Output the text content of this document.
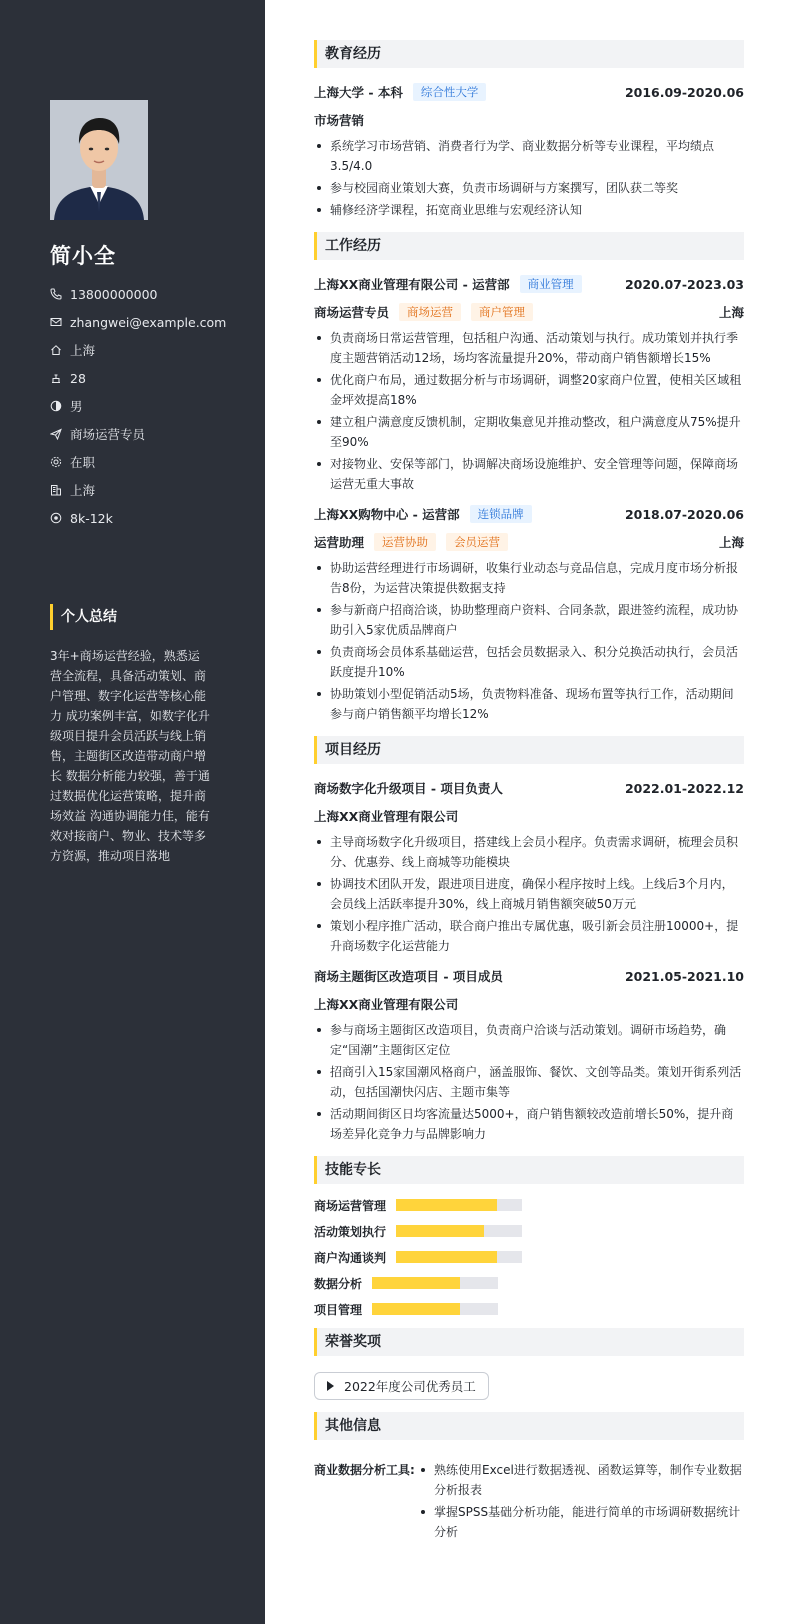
简小全
13800000000
zhangwei@example.com
上海
28
男
商场运营专员
在职
上海
8k-12k
个人总结
3年+商场运营经验，熟悉运营全流程，具备活动策划、商户管理、数字化运营等核心能力 成功案例丰富，如数字化升级项目提升会员活跃与线上销售，主题街区改造带动商户增长 数据分析能力较强，善于通过数据优化运营策略，提升商场效益 沟通协调能力佳，能有效对接商户、物业、技术等多方资源，推动项目落地
教育经历
上海大学 - 本科	综合性大学	2016.09-2020.06
市场营销
系统学习市场营销、消费者行为学、商业数据分析等专业课程，平均绩点3.5/4.0
参与校园商业策划大赛，负责市场调研与方案撰写，团队获二等奖
辅修经济学课程，拓宽商业思维与宏观经济认知
工作经历
上海XX商业管理有限公司 - 运营部	商业管理	2020.07-2023.03
商场运营专员	商场运营	商户管理	上海
负责商场日常运营管理，包括租户沟通、活动策划与执行。成功策划并执行季度主题营销活动12场，场均客流量提升20%，带动商户销售额增长15%
优化商户布局，通过数据分析与市场调研，调整20家商户位置，使相关区域租金坪效提高18%
建立租户满意度反馈机制，定期收集意见并推动整改，租户满意度从75%提升至90%
对接物业、安保等部门，协调解决商场设施维护、安全管理等问题，保障商场运营无重大事故
上海XX购物中心 - 运营部	连锁品牌	2018.07-2020.06
运营助理	运营协助	会员运营	上海
协助运营经理进行市场调研，收集行业动态与竞品信息，完成月度市场分析报告8份，为运营决策提供数据支持
参与新商户招商洽谈，协助整理商户资料、合同条款，跟进签约流程，成功协助引入5家优质品牌商户
负责商场会员体系基础运营，包括会员数据录入、积分兑换活动执行，会员活跃度提升10%
协助策划小型促销活动5场，负责物料准备、现场布置等执行工作，活动期间参与商户销售额平均增长12%
项目经历
商场数字化升级项目 - 项目负责人	2022.01-2022.12
上海XX商业管理有限公司
主导商场数字化升级项目，搭建线上会员小程序。负责需求调研，梳理会员积分、优惠券、线上商城等功能模块
协调技术团队开发，跟进项目进度，确保小程序按时上线。上线后3个月内，会员线上活跃率提升30%，线上商城月销售额突破50万元
策划小程序推广活动，联合商户推出专属优惠，吸引新会员注册10000+，提升商场数字化运营能力
商场主题街区改造项目 - 项目成员	2021.05-2021.10
上海XX商业管理有限公司
参与商场主题街区改造项目，负责商户洽谈与活动策划。调研市场趋势，确定“国潮”主题街区定位
招商引入15家国潮风格商户，涵盖服饰、餐饮、文创等品类。策划开街系列活动，包括国潮快闪店、主题市集等
活动期间街区日均客流量达5000+，商户销售额较改造前增长50%，提升商场差异化竞争力与品牌影响力
技能专长
商场运营管理
活动策划执行
商户沟通谈判
数据分析
项目管理
荣誉奖项
2022年度公司优秀员工
其他信息
商业数据分析工具:	熟练使用Excel进行数据透视、函数运算等，制作专业数据分析报表
掌握SPSS基础分析功能，能进行简单的市场调研数据统计分析
